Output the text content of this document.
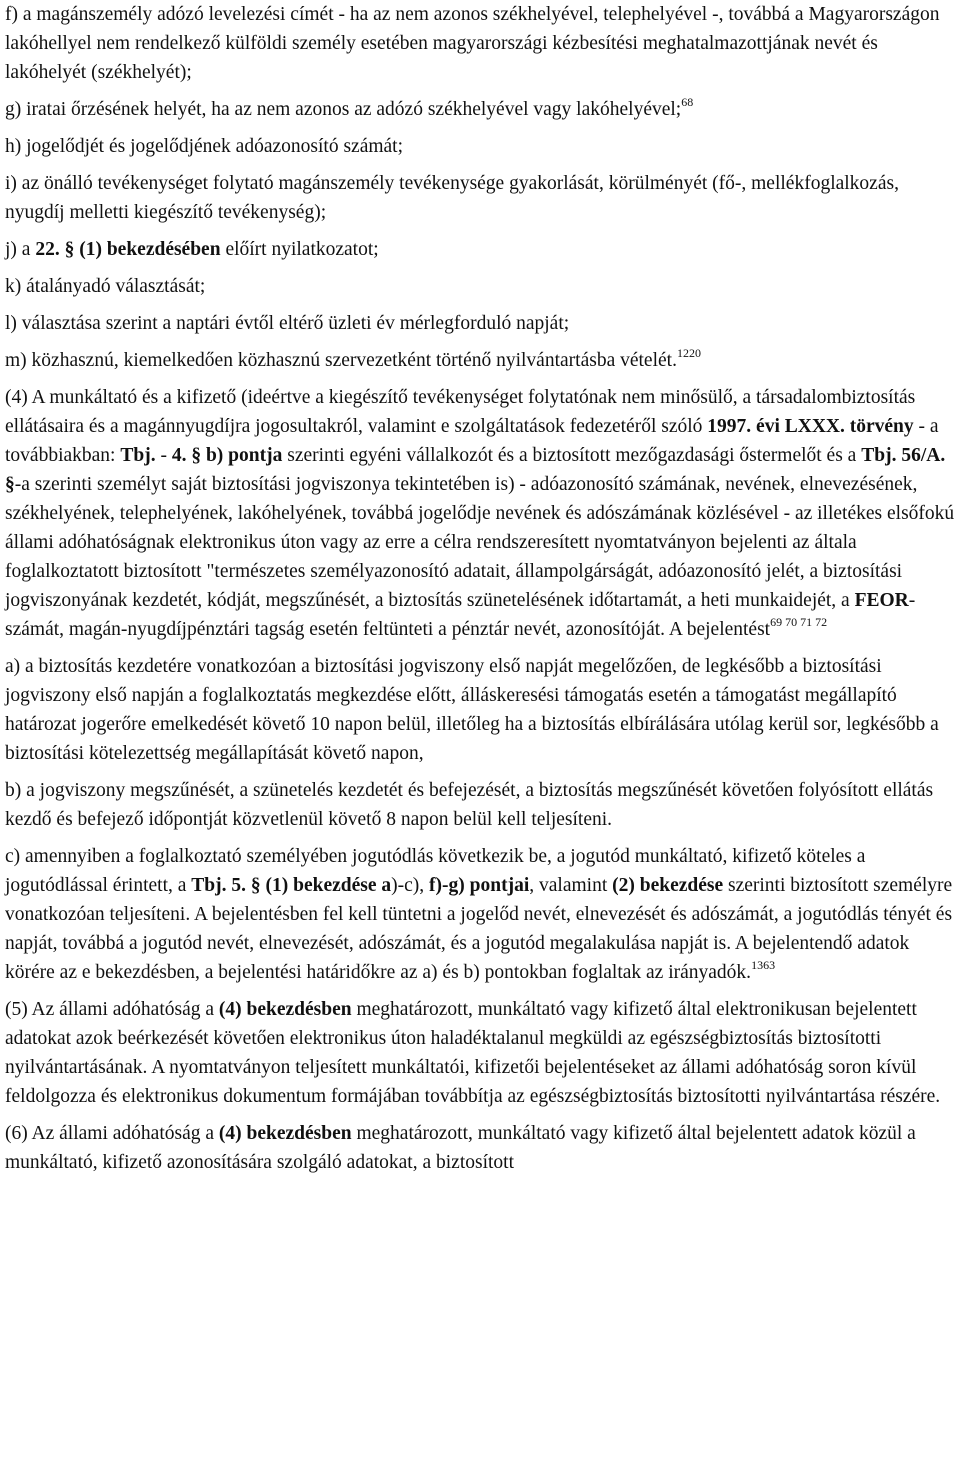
f) a magánszemély adózó levelezési címét - ha az nem azonos székhelyével, telephelyével -, továbbá a Magyarországon lakóhellyel nem rendelkező külföldi személy esetében magyarországi kézbesítési meghatalmazottjának nevét és lakóhelyét (székhelyét);

g) iratai őrzésének helyét, ha az nem azonos az adózó székhelyével vagy lakóhelyével;$^{68}$

h) jogelődjét és jogelődjének adóazonosító számát;

i) az önálló tevékenységet folytató magánszemély tevékenysége gyakorlását, körülményét (fő-, mellékfoglalkozás, nyugdíj melletti kiegészítő tevékenység);

j) a 22. § (1) bekezdésében előírt nyilatkozatot;

k) átalányadó választását;

l) választása szerint a naptári évtől eltérő üzleti év mérlegforduló napját;

m) közhasznú, kiemelkedően közhasznú szervezetként történő nyilvántartásba vételét.$^{1220}$

(4) A munkáltató és a kifizető (ideértve a kiegészítő tevékenységet folytatónak nem minősülő, a társadalombiztosítás ellátásaira és a magánnyugdíjra jogosultakról, valamint e szolgáltatások fedezetéről szóló 1997. évi LXXX. törvény - a továbbiakban: Tbj. - 4. § b) pontja szerinti egyéni vállalkozót és a biztosított mezőgazdasági őstermelőt és a Tbj. 56/A. §-a szerinti személyt saját biztosítási jogviszonya tekintetében is) - adóazonosító számának, nevének, elnevezésének, székhelyének, telephelyének, lakóhelyének, továbbá jogelődje nevének és adószámának közlésével - az illetékes elsőfokú állami adóhatóságnak elektronikus úton vagy az erre a célra rendszeresített nyomtatványon bejelenti az általa foglalkoztatott biztosított "természetes személyazonosító adatait, állampolgárságát, adóazonosító jelét, a biztosítási jogviszonyának kezdetét, kódját, megszűnését, a biztosítás szünetelésének időtartamát, a heti munkaidejét, a FEOR-számát, magán-nyugdíjpénztári tagság esetén feltünteti a pénztár nevét, azonosítóját. A bejelentést$^{69 70 71 72}$

a) a biztosítás kezdetére vonatkozóan a biztosítási jogviszony első napját megelőzően, de legkésőbb a biztosítási jogviszony első napján a foglalkoztatás megkezdése előtt, álláskeresési támogatás esetén a támogatást megállapító határozat jogerőre emelkedését követő 10 napon belül, illetőleg ha a biztosítás elbírálására utólag kerül sor, legkésőbb a biztosítási kötelezettség megállapítását követő napon,

b) a jogviszony megszűnését, a szünetelés kezdetét és befejezését, a biztosítás megszűnését követően folyósított ellátás kezdő és befejező időpontját közvetlenül követő 8 napon belül kell teljesíteni.

c) amennyiben a foglalkoztató személyében jogutódlás következik be, a jogutód munkáltató, kifizető köteles a jogutódlással érintett, a Tbj. 5. § (1) bekezdése a)-c), f)-g) pontjai, valamint (2) bekezdése szerinti biztosított személyre vonatkozóan teljesíteni. A bejelentésben fel kell tüntetni a jogelőd nevét, elnevezését és adószámát, a jogutódlás tényét és napját, továbbá a jogutód nevét, elnevezését, adószámát, és a jogutód megalakulása napját is. A bejelentendő adatok körére az e bekezdésben, a bejelentési határidőkre az a) és b) pontokban foglaltak az irányadók.$^{1363}$

(5) Az állami adóhatóság a (4) bekezdésben meghatározott, munkáltató vagy kifizető által elektronikusan bejelentett adatokat azok beérkezését követően elektronikus úton haladéktalanul megküldi az egészségbiztosítás biztosítotti nyilvántartásának. A nyomtatványon teljesített munkáltatói, kifizetői bejelentéseket az állami adóhatóság soron kívül feldolgozza és elektronikus dokumentum formájában továbbítja az egészségbiztosítás biztosítotti nyilvántartása részére.

(6) Az állami adóhatóság a (4) bekezdésben meghatározott, munkáltató vagy kifizető által bejelentett adatok közül a munkáltató, kifizető azonosítására szolgáló adatokat, a biztosított
